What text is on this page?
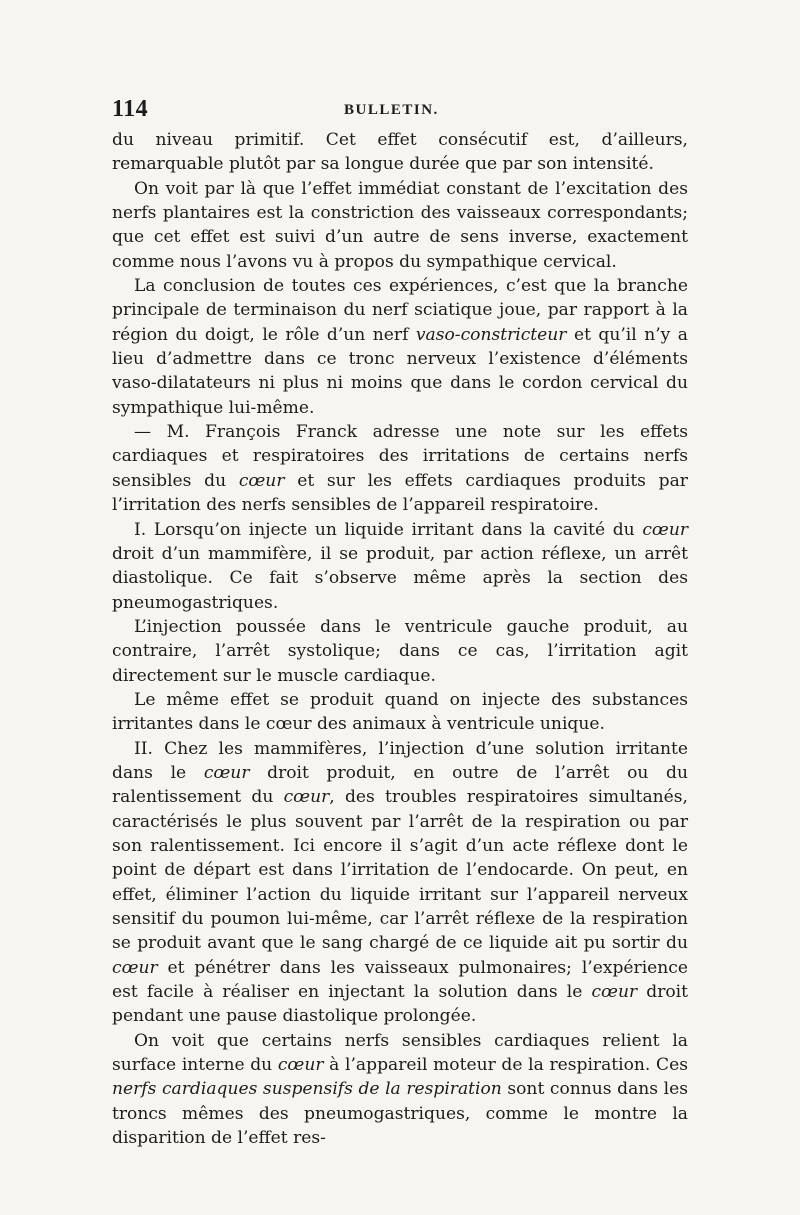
114	BULLETIN.

du niveau primitif. Cet effet consécutif est, d’ailleurs, remarquable plutôt par sa longue durée que par son intensité.

On voit par là que l’effet immédiat constant de l’excitation des nerfs plantaires est la constriction des vaisseaux correspondants; que cet effet est suivi d’un autre de sens inverse, exactement comme nous l’avons vu à propos du sympathique cervical.

La conclusion de toutes ces expériences, c’est que la branche principale de terminaison du nerf sciatique joue, par rapport à la région du doigt, le rôle d’un nerf vaso-constricteur et qu’il n’y a lieu d’admettre dans ce tronc nerveux l’existence d’éléments vaso-dilatateurs ni plus ni moins que dans le cordon cervical du sympathique lui-même.

— M. François Franck adresse une note sur les effets cardiaques et respiratoires des irritations de certains nerfs sensibles du cœur et sur les effets cardiaques produits par l’irritation des nerfs sensibles de l’appareil respiratoire.

I. Lorsqu’on injecte un liquide irritant dans la cavité du cœur droit d’un mammifère, il se produit, par action réflexe, un arrêt diastolique. Ce fait s’observe même après la section des pneumogastriques.

L’injection poussée dans le ventricule gauche produit, au contraire, l’arrêt systolique; dans ce cas, l’irritation agit directement sur le muscle cardiaque.

Le même effet se produit quand on injecte des substances irritantes dans le cœur des animaux à ventricule unique.

II. Chez les mammifères, l’injection d’une solution irritante dans le cœur droit produit, en outre de l’arrêt ou du ralentissement du cœur, des troubles respiratoires simultanés, caractérisés le plus souvent par l’arrêt de la respiration ou par son ralentissement. Ici encore il s’agit d’un acte réflexe dont le point de départ est dans l’irritation de l’endocarde. On peut, en effet, éliminer l’action du liquide irritant sur l’appareil nerveux sensitif du poumon lui-même, car l’arrêt réflexe de la respiration se produit avant que le sang chargé de ce liquide ait pu sortir du cœur et pénétrer dans les vaisseaux pulmonaires; l’expérience est facile à réaliser en injectant la solution dans le cœur droit pendant une pause diastolique prolongée.

On voit que certains nerfs sensibles cardiaques relient la surface interne du cœur à l’appareil moteur de la respiration. Ces nerfs cardiaques suspensifs de la respiration sont connus dans les troncs mêmes des pneumogastriques, comme le montre la disparition de l’effet res-
